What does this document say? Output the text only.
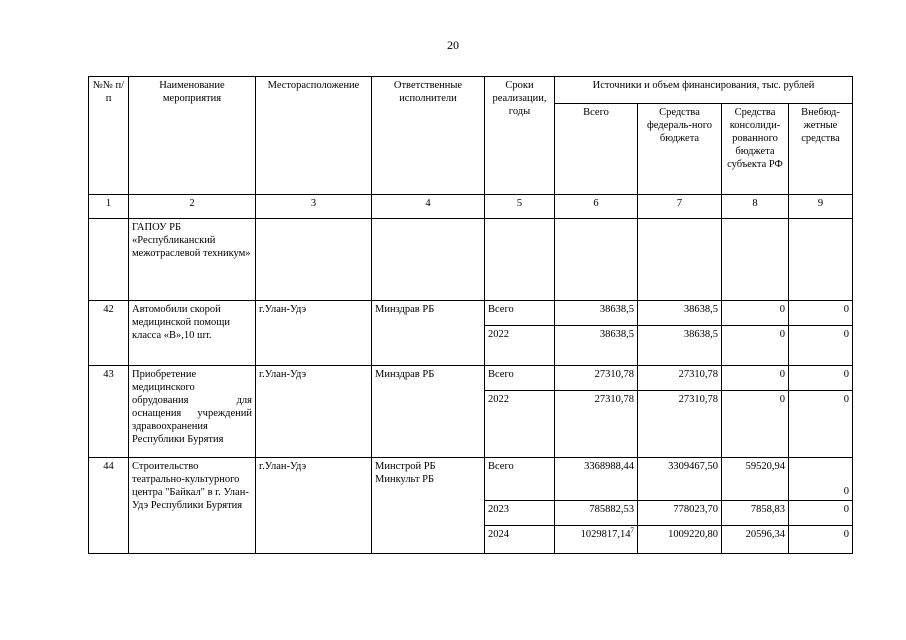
20
№№ п/п	Наименование мероприятия	Месторасположение	Ответственные исполнители	Сроки реализации, годы	Источники и объем финансирования, тыс. рублей			
					Всего	Средства федераль-ного бюджета	Средства консолиди-рованного бюджета субъекта РФ	Внебюд-жетные средства
1	2	3	4	5	6	7	8	9
	ГАПОУ РБ «Республиканский межотраслевой техникум»							
42	Автомобили скорой медицинской помощи класса «В»,10 шт.	г.Улан-Удэ	Минздрав РБ	Всего	38638,5	38638,5	0	0
				2022	38638,5	38638,5	0	0
43	Приобретение медицинского обрудования для оснащения учреждений здравоохранения Республики Бурятия	г.Улан-Удэ	Минздрав РБ	Всего	27310,78	27310,78	0	0
				2022	27310,78	27310,78	0	0
44	Строительство театрально-культурного центра "Байкал" в г. Улан-Удэ Республики Бурятия	г.Улан-Удэ	Минстрой РБ Минкульт РБ	Всего	3368988,44	3309467,50	59520,94	0
				2023	785882,53	778023,70	7858,83	0
				2024	1029817,14$^7$	1009220,80	20596,34	0
